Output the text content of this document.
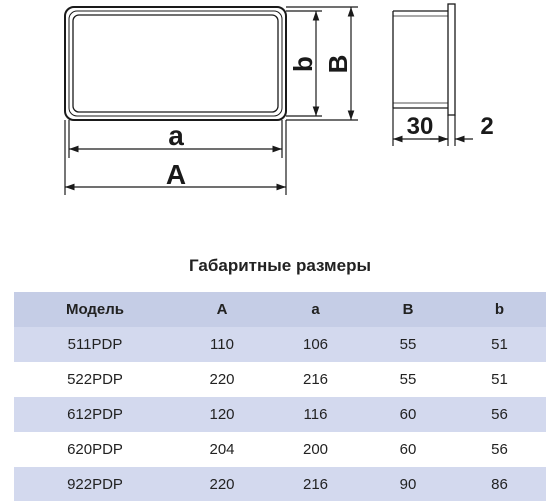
a
A
b B
30 2
Габаритные размеры
Модель	A	a	B	b
511PDP	110	106	55	51
522PDP	220	216	55	51
612PDP	120	116	60	56
620PDP	204	200	60	56
922PDP	220	216	90	86
